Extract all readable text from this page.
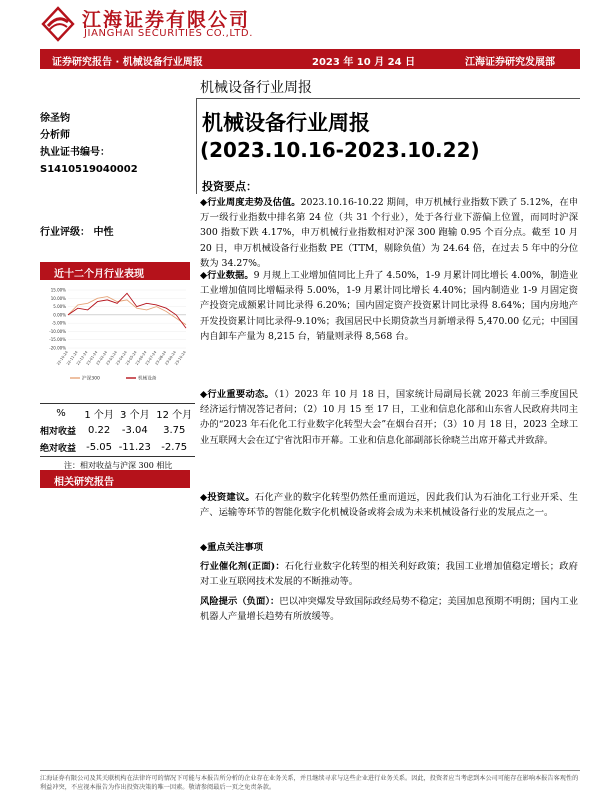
江海证券有限公司
JIANGHAI SECURITIES CO.,LTD.
证券研究报告 · 机械设备行业周报	2023 年 10 月 24 日	江海证券研究发展部
机械设备行业周报
徐圣钧
分析师
执业证书编号：
S1410519040002
行业评级： 中性
近十二个月行业表现
15.00%
10.00%
5.00%
0.00%
-5.00%
-10.00%
-15.00%
-20.00%
22-10-24
22-11-24
22-12-24
23-01-24
23-02-24
23-03-24
23-04-24
23-05-24
23-06-24
23-07-24
23-08-24
23-09-24
23-10-24
沪深300	机械设备
%	1 个月	3 个月	12 个月
相对收益	0.22	-3.04	3.75
绝对收益	-5.05	-11.23	-2.75
注：相对收益与沪深 300 相比
相关研究报告
机械设备行业周报
(2023.10.16-2023.10.22)
投资要点：

◆行业周度走势及估值。2023.10.16-10.22 期间，申万机械行业指数下跌了 5.12%，在申万一级行业指数中排名第 24 位（共 31 个行业），处于各行业下游偏上位置，而同时沪深 300 指数下跌 4.17%，申万机械行业指数相对沪深 300 跑输 0.95 个百分点。截至 10 月 20 日，申万机械设备行业指数 PE（TTM，剔除负值）为 24.64 倍，在过去 5 年中的分位数为 34.27%。

◆行业数据。9 月规上工业增加值同比上升了 4.50%，1-9 月累计同比增长 4.00%，制造业工业增加值同比增幅录得 5.00%，1-9 月累计同比增长 4.40%；国内制造业 1-9 月固定资产投资完成额累计同比录得 6.20%；国内固定资产投资累计同比录得 8.64%；国内房地产开发投资累计同比录得-9.10%；我国居民中长期贷款当月新增录得 5,470.00 亿元；中国国内自卸车产量为 8,215 台，销量则录得 8,568 台。

◆行业重要动态。（1）2023 年 10 月 18 日，国家统计局副局长就 2023 年前三季度国民经济运行情况答记者问；（2）10 月 15 至 17 日，工业和信息化部和山东省人民政府共同主办的“2023 年石化化工行业数字化转型大会”在烟台召开；（3）10 月 18 日，2023 全球工业互联网大会在辽宁省沈阳市开幕。工业和信息化部副部长徐晓兰出席开幕式并致辞。

◆投资建议。石化产业的数字化转型仍然任重而道远，因此我们认为石油化工行业开采、生产、运输等环节的智能化数字化机械设备或将会成为未来机械设备行业的发展点之一。

◆重点关注事项

行业催化剂(正面)：石化行业数字化转型的相关利好政策；我国工业增加值稳定增长；政府对工业互联网技术发展的不断推动等。

风险提示（负面）：巴以冲突爆发导致国际政经局势不稳定；美国加息预期不明朗；国内工业机器人产量增长趋势有所放缓等。

江海证券有限公司及其关联机构在法律许可的情况下可能与本报告所分析的企业存在业务关系，并且继续寻求与这些企业进行业务关系。因此，投资者应当考虑到本公司可能存在影响本报告客观性的利益冲突，不应视本报告为作出投资决策的唯一因素。敬请参阅最后一页之免责条款。
